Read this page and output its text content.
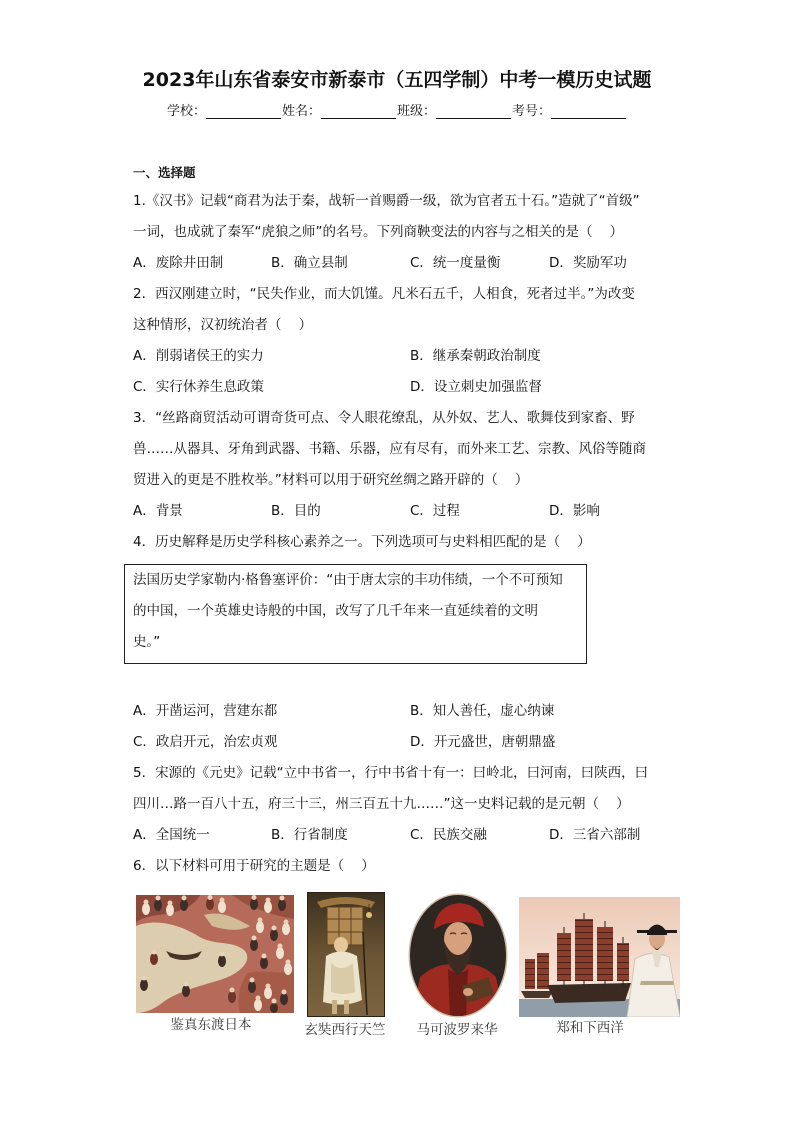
2023年山东省泰安市新泰市（五四学制）中考一模历史试题
学校：	姓名：	班级：	考号：
一、选择题
1.《汉书》记载“商君为法于秦，战斩一首赐爵一级，欲为官者五十石。”造就了“首级”
一词，也成就了秦军“虎狼之师”的名号。下列商鞅变法的内容与之相关的是（    ）
A．废除井田制	B．确立县制	C．统一度量衡	D．奖励军功
2．西汉刚建立时，“民失作业，而大饥馑。凡米石五千，人相食，死者过半。”为改变
这种情形，汉初统治者（    ）
A．削弱诸侯王的实力	B．继承秦朝政治制度
C．实行休养生息政策	D．设立刺史加强监督
3．“丝路商贸活动可谓奇货可点、令人眼花缭乱，从外奴、艺人、歌舞伎到家畜、野
兽……从器具、牙角到武器、书籍、乐器，应有尽有，而外来工艺、宗教、风俗等随商
贸进入的更是不胜枚举。”材料可以用于研究丝绸之路开辟的（    ）
A．背景	B．目的	C．过程	D．影响
4．历史解释是历史学科核心素养之一。下列选项可与史料相匹配的是（    ）
法国历史学家勒内·格鲁塞评价：“由于唐太宗的丰功伟绩，一个不可预知
的中国，一个英雄史诗般的中国，改写了几千年来一直延续着的文明
史。”
A．开凿运河，营建东都	B．知人善任，虚心纳谏
C．政启开元，治宏贞观	D．开元盛世，唐朝鼎盛
5．宋源的《元史》记载“立中书省一，行中书省十有一：曰岭北，曰河南，曰陕西，曰
四川…路一百八十五，府三十三，州三百五十九……”这一史料记载的是元朝（    ）
A．全国统一	B．行省制度	C．民族交融	D．三省六部制
6．以下材料可用于研究的主题是（    ）
鉴真东渡日本	玄奘西行天竺	马可波罗来华	郑和下西洋
